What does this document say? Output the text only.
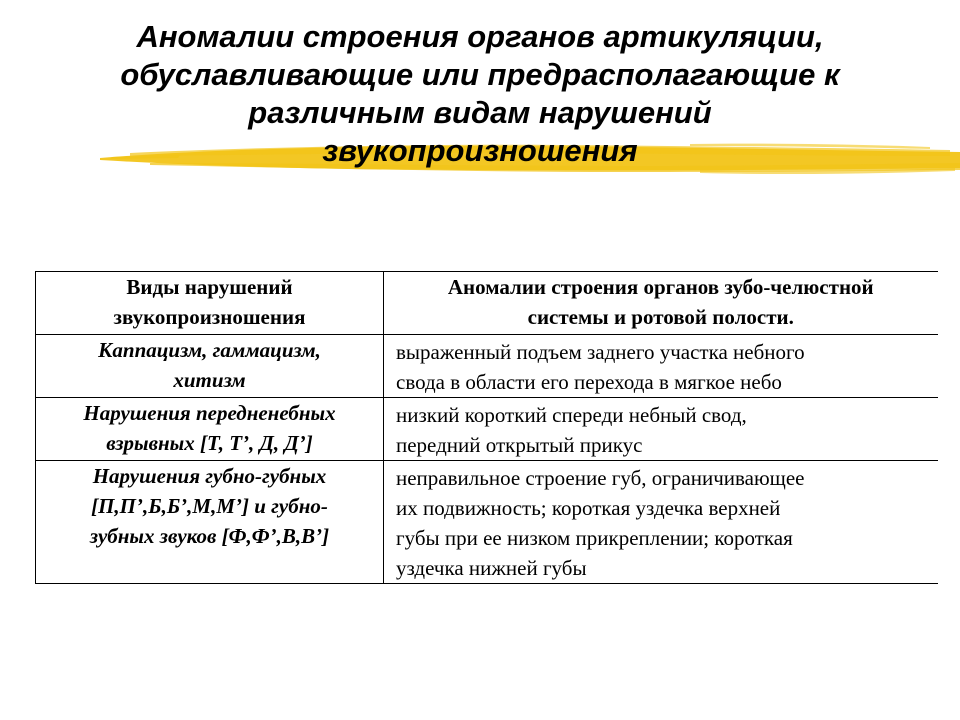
Аномалии строения органов артикуляции,
обуславливающие или предрасполагающие к
различным видам нарушений
звукопроизношения
Виды нарушений
звукопроизношения	Аномалии строения органов зубо-челюстной
системы и ротовой полости.

Каппацизм, гаммацизм,
хитизм	выраженный подъем заднего участка небного
свода в области его перехода в мягкое небо

Нарушения передненебных
взрывных [Т, Т’, Д, Д’]	низкий короткий спереди небный свод,
передний открытый прикус

Нарушения губно-губных
[П,П’,Б,Б’,М,М’] и губно-
зубных звуков [Ф,Ф’,В,В’]	неправильное строение губ, ограничивающее
их подвижность; короткая уздечка верхней
губы при ее низком прикреплении; короткая
уздечка нижней губы
